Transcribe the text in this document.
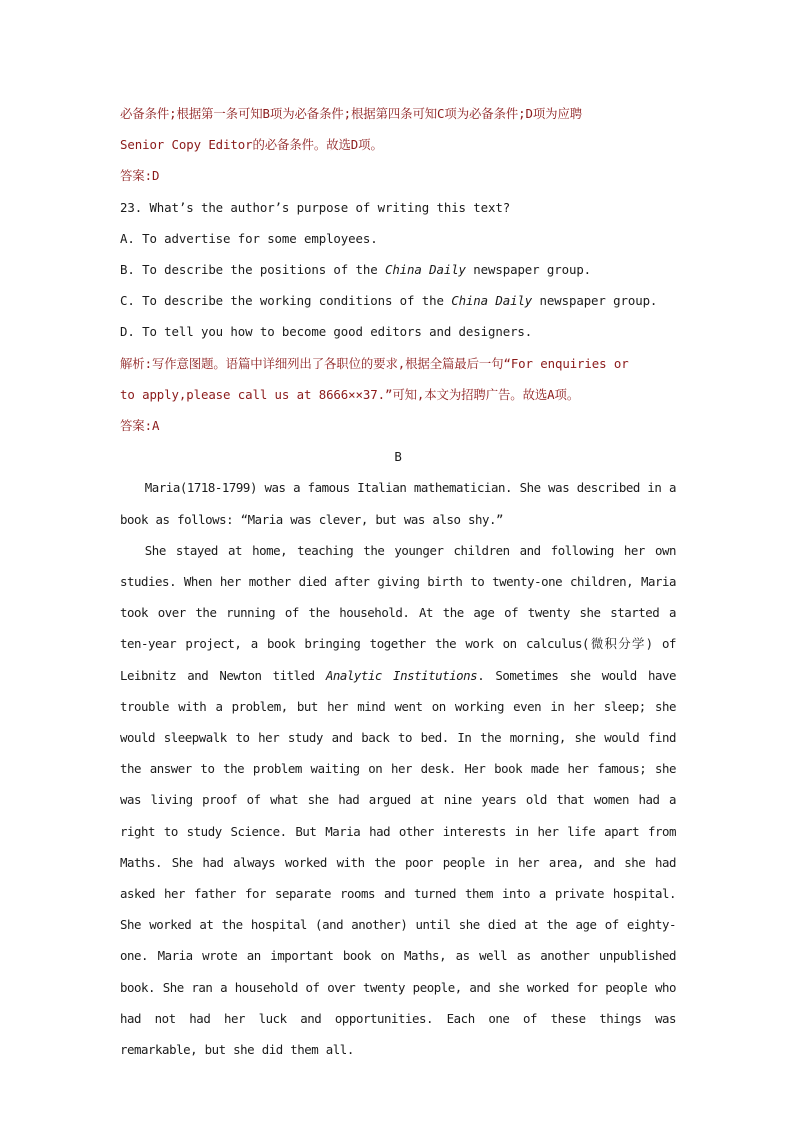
必备条件;根据第一条可知B项为必备条件;根据第四条可知C项为必备条件;D项为应聘
Senior Copy Editor的必备条件。故选D项。
答案:D
23. What’s the author’s purpose of writing this text?
A. To advertise for some employees.
B. To describe the positions of the China Daily newspaper group.
C. To describe the working conditions of the China Daily newspaper group.
D. To tell you how to become good editors and designers.
解析:写作意图题。语篇中详细列出了各职位的要求,根据全篇最后一句“For enquiries or
to apply,please call us at 8666××37.”可知,本文为招聘广告。故选A项。
答案:A
B
Maria(1718-1799) was a famous Italian mathematician. She was described in a book as follows: “Maria was clever, but was also shy.”
She stayed at home, teaching the younger children and following her own studies. When her mother died after giving birth to twenty-one children, Maria took over the running of the household. At the age of twenty she started a ten-year project, a book bringing together the work on calculus(微积分学) of Leibnitz and Newton titled Analytic Institutions. Sometimes she would have trouble with a problem, but her mind went on working even in her sleep; she would sleepwalk to her study and back to bed. In the morning, she would find the answer to the problem waiting on her desk. Her book made her famous; she was living proof of what she had argued at nine years old that women had a right to study Science. But Maria had other interests in her life apart from Maths. She had always worked with the poor people in her area, and she had asked her father for separate rooms and turned them into a private hospital. She worked at the hospital (and another) until she died at the age of eighty-one. Maria wrote an important book on Maths, as well as another unpublished book. She ran a household of over twenty people, and she worked for people who had not had her luck and opportunities. Each one of these things was remarkable, but she did them all.
